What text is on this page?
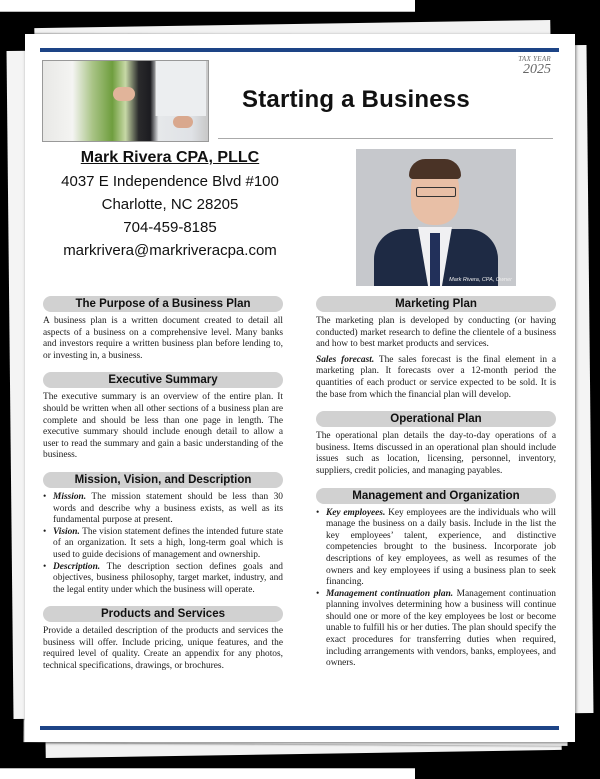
TAX YEAR
2025
Starting a Business
Mark Rivera CPA, PLLC
4037 E Independence Blvd #100
Charlotte, NC 28205
704-459-8185
markrivera@markriveracpa.com
Mark Rivera, CPA, Owner
The Purpose of a Business Plan

A business plan is a written document created to detail all aspects of a business on a comprehensive level. Many banks and investors require a written business plan before lending to, or investing in, a business.

Executive Summary

The executive summary is an overview of the entire plan. It should be written when all other sections of a business plan are complete and should be less than one page in length. The executive summary should include enough detail to allow a user to read the summary and gain a basic understanding of the business.

Mission, Vision, and Description
• Mission. The mission statement should be less than 30 words and describe why a business exists, as well as its fundamental purpose at present.
• Vision. The vision statement defines the intended future state of an organization. It sets a high, long-term goal which is used to guide decisions of management and ownership.
• Description. The description section defines goals and objectives, business philosophy, target market, industry, and the legal entity under which the business will operate.
Products and Services

Provide a detailed description of the products and services the business will offer. Include pricing, unique features, and the required level of quality. Create an appendix for any photos, technical specifications, drawings, or brochures.

Marketing Plan

The marketing plan is developed by conducting (or having conducted) market research to define the clientele of a business and how to best market products and services.

Sales forecast. The sales forecast is the final element in a marketing plan. It forecasts over a 12-month period the quantities of each product or service expected to be sold. It is the base from which the financial plan will develop.

Operational Plan

The operational plan details the day-to-day operations of a business. Items discussed in an operational plan should include issues such as location, licensing, personnel, inventory, suppliers, credit policies, and managing payables.

Management and Organization
• Key employees. Key employees are the individuals who will manage the business on a daily basis. Include in the list the key employees’ talent, experience, and distinctive competencies brought to the business. Incorporate job descriptions of key employees, as well as resumes of the owners and key employees if using a business plan to seek financing.
• Management continuation plan. Management continuation planning involves determining how a business will continue should one or more of the key employees be lost or become unable to fulfill his or her duties. The plan should specify the exact procedures for transferring duties when required, including arrangements with vendors, banks, employees, and owners.
